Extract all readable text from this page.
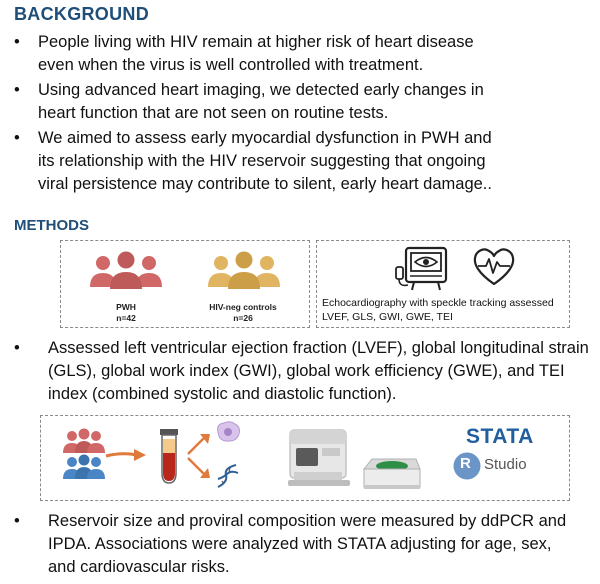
BACKGROUND
• People living with HIV remain at higher risk of heart disease
even when the virus is well controlled with treatment.
• Using advanced heart imaging, we detected early changes in
heart function that are not seen on routine tests.
• We aimed to assess early myocardial dysfunction in PWH and
its relationship with the HIV reservoir suggesting that ongoing
viral persistence may contribute to silent, early heart damage..
METHODS
PWH
n=42
HIV-neg controls
n=26
Echocardiography with speckle tracking assessed
LVEF, GLS, GWI, GWE, TEI
• Assessed left ventricular ejection fraction (LVEF), global longitudinal strain
(GLS), global work index (GWI), global work efficiency (GWE), and TEI
index (combined systolic and diastolic function).
STATA
R Studio
• Reservoir size and proviral composition were measured by ddPCR and
IPDA. Associations were analyzed with STATA adjusting for age, sex,
and cardiovascular risks.
